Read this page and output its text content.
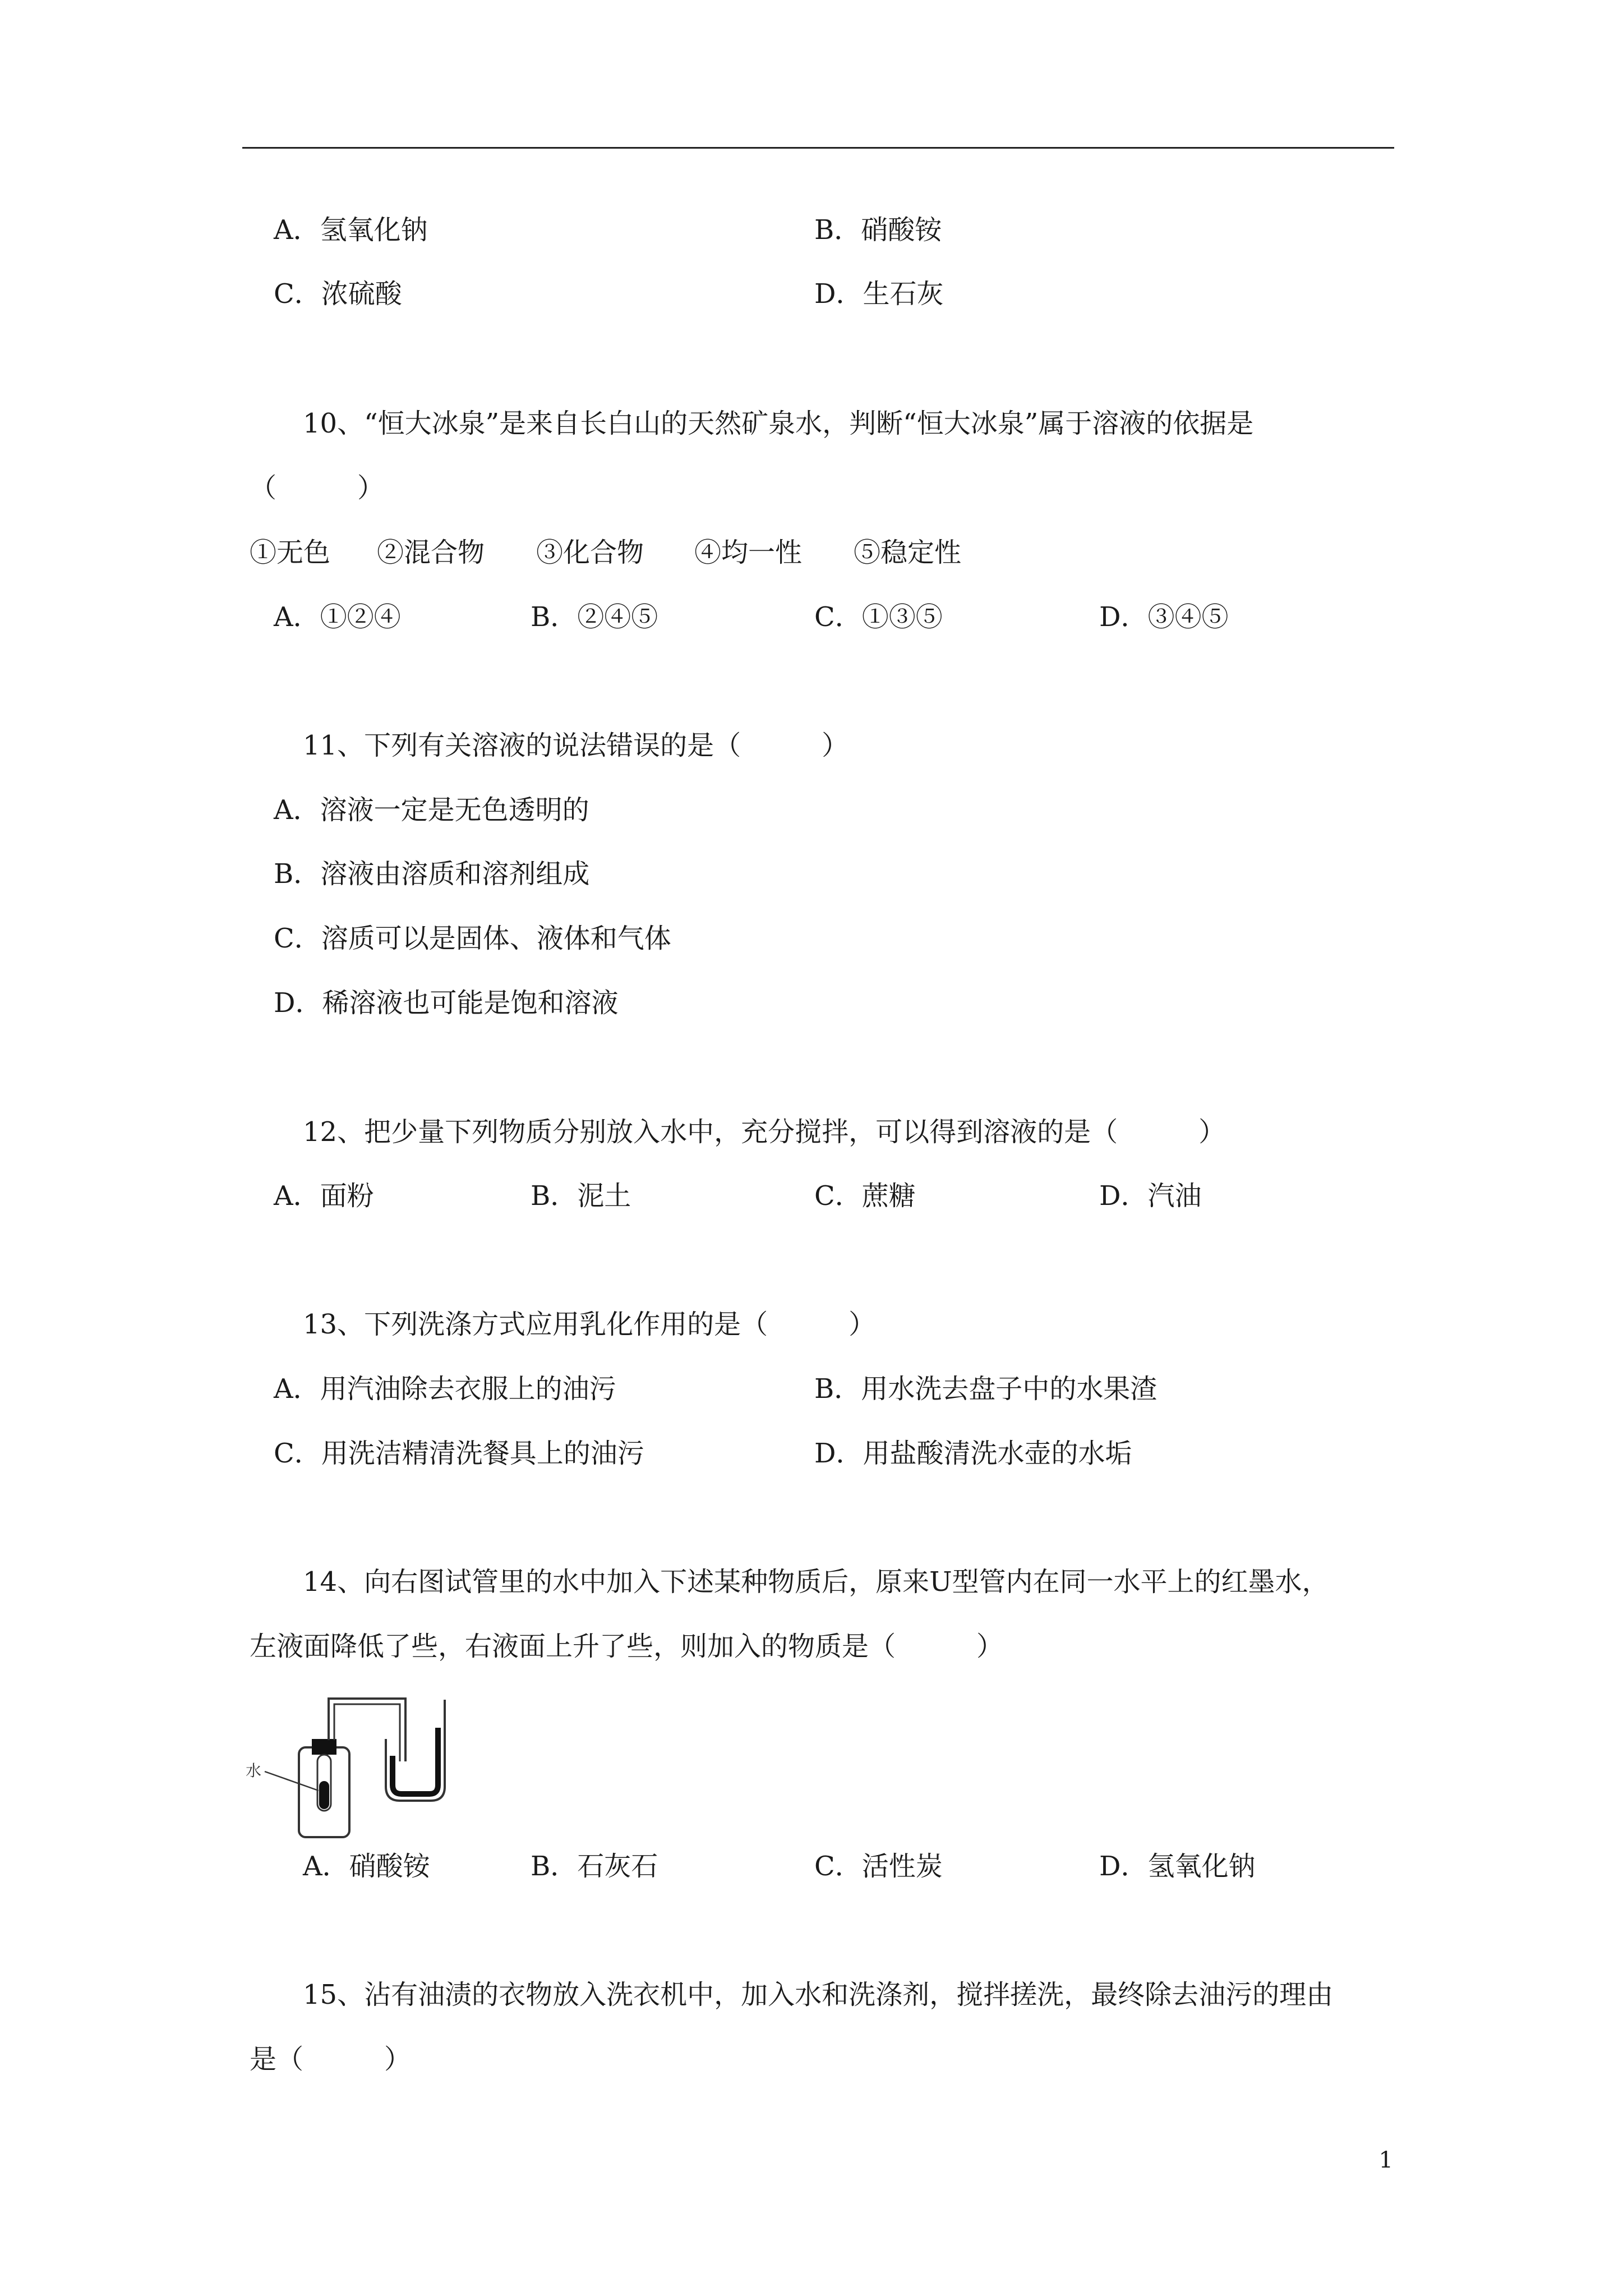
A．氢氧化钠	B．硝酸铵
C．浓硫酸	D．生石灰
10、“恒大冰泉”是来自长白山的天然矿泉水，判断“恒大冰泉”属于溶液的依据是
（　　　）
①无色 ②混合物 ③化合物 ④均一性 ⑤稳定性
A．①②④	B．②④⑤	C．①③⑤	D．③④⑤
11、下列有关溶液的说法错误的是（　　　）
A．溶液一定是无色透明的
B．溶液由溶质和溶剂组成
C．溶质可以是固体、液体和气体
D．稀溶液也可能是饱和溶液
12、把少量下列物质分别放入水中，充分搅拌，可以得到溶液的是（　　　）
A．面粉	B．泥土	C．蔗糖	D．汽油
13、下列洗涤方式应用乳化作用的是（　　　）
A．用汽油除去衣服上的油污	B．用水洗去盘子中的水果渣
C．用洗洁精清洗餐具上的油污	D．用盐酸清洗水壶的水垢
14、向右图试管里的水中加入下述某种物质后，原来U型管内在同一水平上的红墨水，
左液面降低了些，右液面上升了些，则加入的物质是（　　　）
水
A．硝酸铵	B．石灰石	C．活性炭	D．氢氧化钠
15、沾有油渍的衣物放入洗衣机中，加入水和洗涤剂，搅拌搓洗，最终除去油污的理由
是（　　　）
1
